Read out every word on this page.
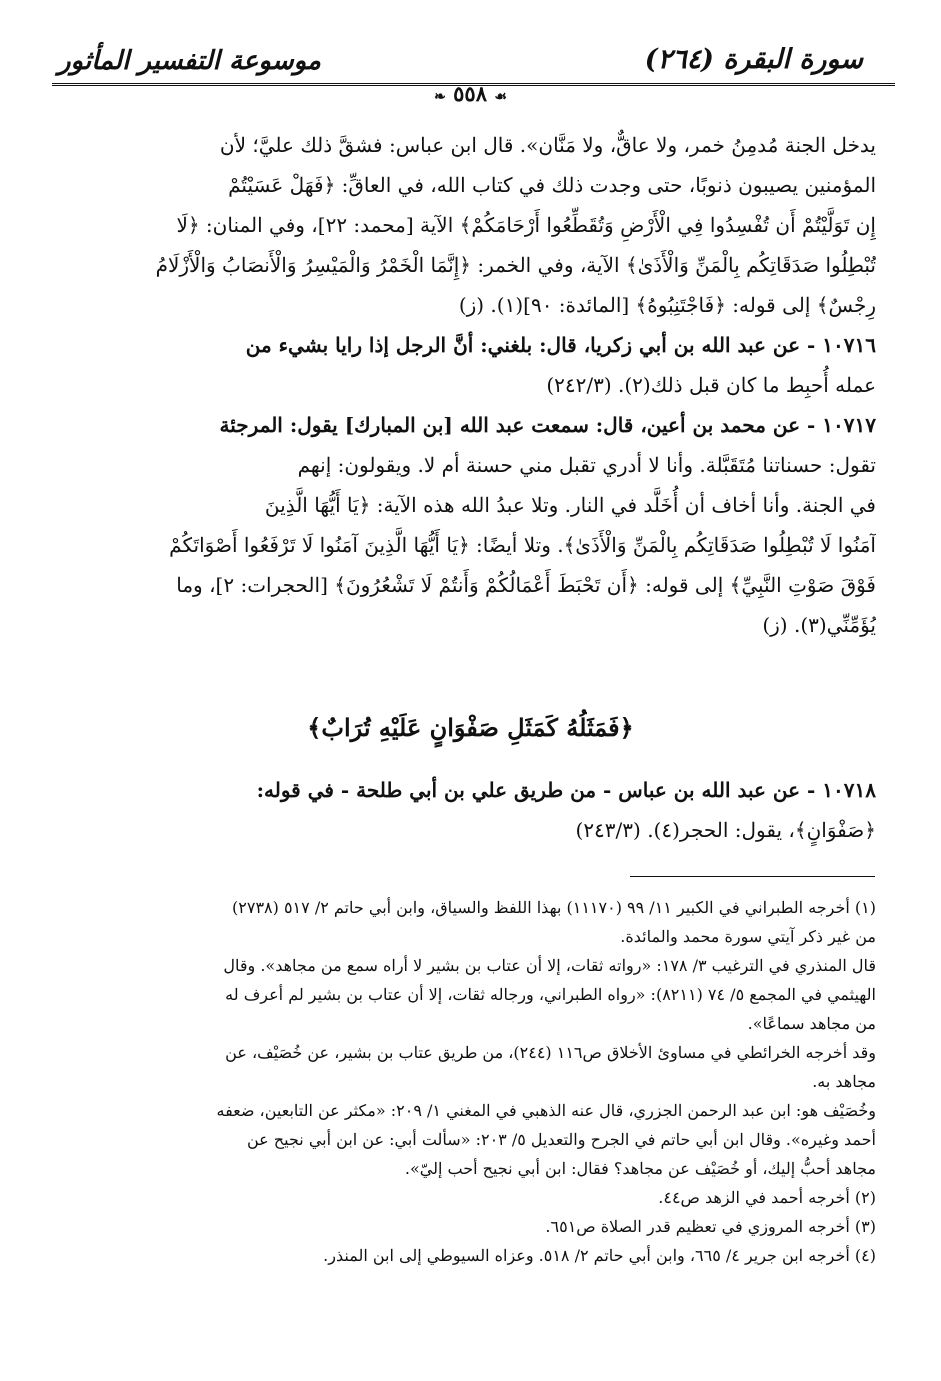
سورة البقرة (٢٦٤)
موسوعة التفسير المأثور
☙ ٥٥٨ ❧
يدخل الجنة مُدمِنُ خمر، ولا عاقٌّ، ولا مَنَّان». قال ابن عباس: فشقَّ ذلك عليَّ؛ لأن
المؤمنين يصيبون ذنوبًا، حتى وجدت ذلك في كتاب الله، في العاقِّ: ﴿فَهَلْ عَسَيْتُمْ
إِن تَوَلَّيْتُمْ أَن تُفْسِدُوا فِي الْأَرْضِ وَتُقَطِّعُوا أَرْحَامَكُمْ﴾ الآية [محمد: ٢٢]، وفي المنان: ﴿لَا
تُبْطِلُوا صَدَقَاتِكُم بِالْمَنِّ وَالْأَذَىٰ﴾ الآية، وفي الخمر: ﴿إِنَّمَا الْخَمْرُ وَالْمَيْسِرُ وَالْأَنصَابُ وَالْأَزْلَامُ
رِجْسٌ﴾ إلى قوله: ﴿فَاجْتَنِبُوهُ﴾ [المائدة: ٩٠](١). (ز)
١٠٧١٦ - عن عبد الله بن أبي زكريا، قال: بلغني: أنَّ الرجل إذا رايا بشيء من
عمله أُحبِط ما كان قبل ذلك(٢). (٢٤٢/٣)
١٠٧١٧ - عن محمد بن أعين، قال: سمعت عبد الله [بن المبارك] يقول: المرجئة
تقول: حسناتنا مُتَقَبَّلة. وأنا لا أدري تقبل مني حسنة أم لا. ويقولون: إنهم
في الجنة. وأنا أخاف أن أُخَلَّد في النار. وتلا عبدُ الله هذه الآية: ﴿يَا أَيُّهَا الَّذِينَ
آمَنُوا لَا تُبْطِلُوا صَدَقَاتِكُم بِالْمَنِّ وَالْأَذَىٰ﴾. وتلا أيضًا: ﴿يَا أَيُّهَا الَّذِينَ آمَنُوا لَا تَرْفَعُوا أَصْوَاتَكُمْ
فَوْقَ صَوْتِ النَّبِيِّ﴾ إلى قوله: ﴿أَن تَحْبَطَ أَعْمَالُكُمْ وَأَنتُمْ لَا تَشْعُرُونَ﴾ [الحجرات: ٢]، وما
يُؤَمِّنِّي(٣). (ز)
﴿فَمَثَلُهُ كَمَثَلِ صَفْوَانٍ عَلَيْهِ تُرَابٌ﴾
١٠٧١٨ - عن عبد الله بن عباس - من طريق علي بن أبي طلحة - في قوله:
﴿صَفْوَانٍ﴾، يقول: الحجر(٤). (٢٤٣/٣)
(١) أخرجه الطبراني في الكبير ١١/ ٩٩ (١١١٧٠) بهذا اللفظ والسياق، وابن أبي حاتم ٢/ ٥١٧ (٢٧٣٨)
من غير ذكر آيتي سورة محمد والمائدة.
قال المنذري في الترغيب ٣/ ١٧٨: «رواته ثقات، إلا أن عتاب بن بشير لا أراه سمع من مجاهد». وقال
الهيثمي في المجمع ٥/ ٧٤ (٨٢١١): «رواه الطبراني، ورجاله ثقات، إلا أن عتاب بن بشير لم أعرف له
من مجاهد سماعًا».
وقد أخرجه الخرائطي في مساوئ الأخلاق ص١١٦ (٢٤٤)، من طريق عتاب بن بشير، عن خُصَيْف، عن
مجاهد به.
وخُصَيْف هو: ابن عبد الرحمن الجزري، قال عنه الذهبي في المغني ١/ ٢٠٩: «مكثر عن التابعين، ضعفه
أحمد وغيره». وقال ابن أبي حاتم في الجرح والتعديل ٥/ ٢٠٣: «سألت أبي: عن ابن أبي نجيح عن
مجاهد أحبُّ إليك، أو خُصَيْف عن مجاهد؟ فقال: ابن أبي نجيح أحب إليّ».
(٢) أخرجه أحمد في الزهد ص٤٤.
(٣) أخرجه المروزي في تعظيم قدر الصلاة ص٦٥١.
(٤) أخرجه ابن جرير ٤/ ٦٦٥، وابن أبي حاتم ٢/ ٥١٨. وعزاه السيوطي إلى ابن المنذر.
